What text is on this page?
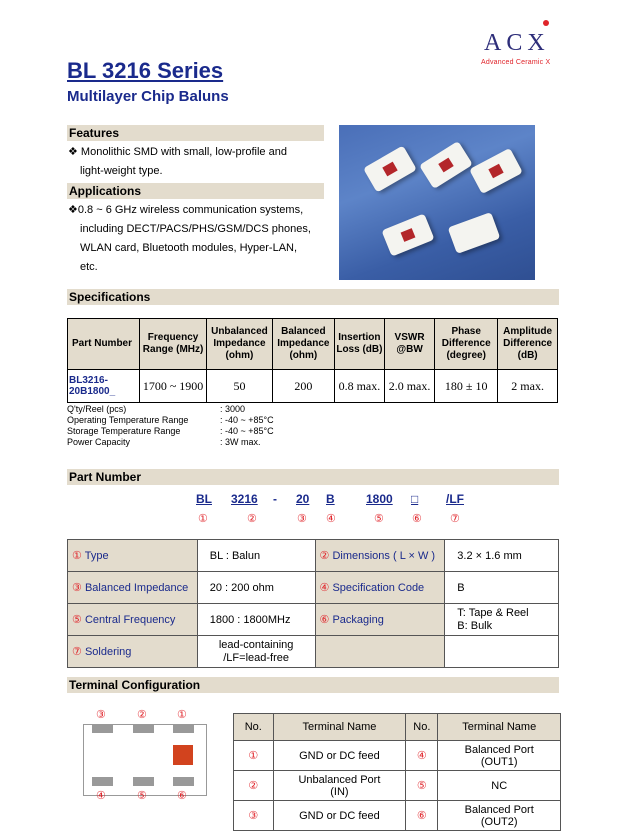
ACX
Advanced Ceramic X
BL 3216 Series
Multilayer Chip Baluns
Features
❖ Monolithic SMD with small, low-profile and
light-weight type.
Applications
❖0.8 ~ 6 GHz wireless communication systems,
including DECT/PACS/PHS/GSM/DCS phones,
WLAN card, Bluetooth modules, Hyper-LAN,
etc.
Specifications
Part Number	Frequency Range (MHz)	Unbalanced Impedance (ohm)	Balanced Impedance (ohm)	Insertion Loss (dB)	VSWR @BW	Phase Difference (degree)	Amplitude Difference (dB)
BL3216-20B1800_	1700 ~ 1900	50	200	0.8 max.	2.0 max.	180 ± 10	2 max.
Q'ty/Reel (pcs)	: 3000
Operating Temperature Range	: -40 ~ +85°C
Storage Temperature Range	: -40 ~ +85°C
Power Capacity	: 3W max.
Part Number
BL 3216 - 20 B	1800 □ /LF
①	②	③ ④	⑤	⑥	⑦
① Type	BL : Balun	② Dimensions ( L × W )	3.2 × 1.6 mm
③ Balanced Impedance	20 : 200 ohm	④ Specification Code	B
⑤ Central Frequency	1800 : 1800MHz	⑥ Packaging	T: Tape & Reel
B: Bulk

⑦ Soldering	lead-containing
/LF=lead-free		

Terminal Configuration
③	②	①
④	⑤	⑥
No.	Terminal Name	No.	Terminal Name
①	GND or DC feed	④	Balanced Port
(OUT1)

②	Unbalanced Port
(IN)	⑤	NC
③	GND or DC feed	⑥	Balanced Port
(OUT2)
